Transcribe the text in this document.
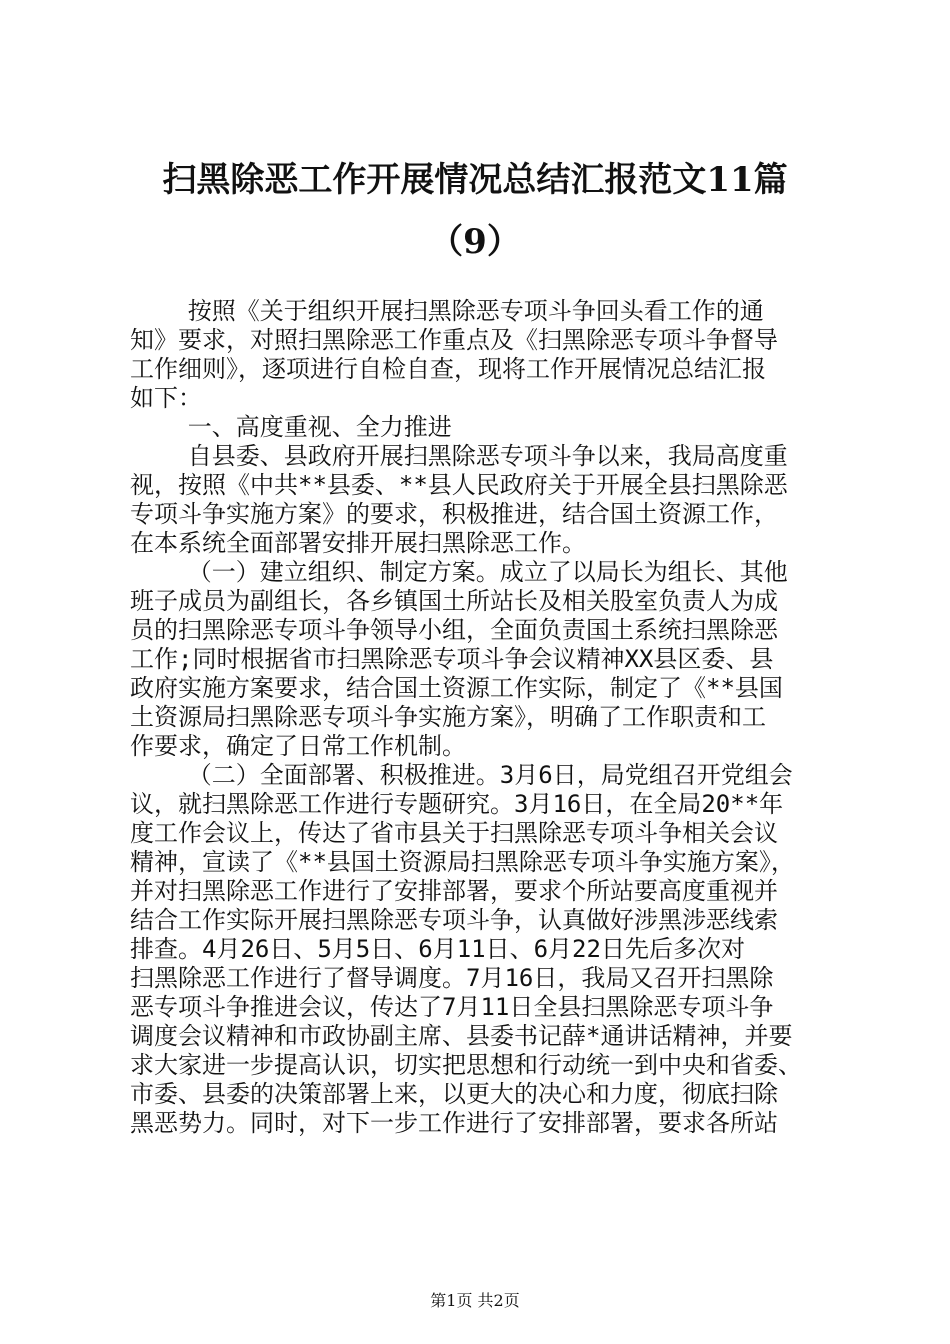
扫黑除恶工作开展情况总结汇报范文11篇
（9）
按照《关于组织开展扫黑除恶专项斗争回头看工作的通
知》要求，对照扫黑除恶工作重点及《扫黑除恶专项斗争督导
工作细则》，逐项进行自检自查，现将工作开展情况总结汇报
如下：
一、高度重视、全力推进
自县委、县政府开展扫黑除恶专项斗争以来，我局高度重
视，按照《中共**县委、**县人民政府关于开展全县扫黑除恶
专项斗争实施方案》的要求，积极推进，结合国土资源工作，
在本系统全面部署安排开展扫黑除恶工作。
（一）建立组织、制定方案。成立了以局长为组长、其他
班子成员为副组长，各乡镇国土所站长及相关股室负责人为成
员的扫黑除恶专项斗争领导小组，全面负责国土系统扫黑除恶
工作;同时根据省市扫黑除恶专项斗争会议精神XX县区委、县
政府实施方案要求，结合国土资源工作实际，制定了《**县国
土资源局扫黑除恶专项斗争实施方案》，明确了工作职责和工
作要求，确定了日常工作机制。
（二）全面部署、积极推进。3月6日，局党组召开党组会
议，就扫黑除恶工作进行专题研究。3月16日，在全局20**年
度工作会议上，传达了省市县关于扫黑除恶专项斗争相关会议
精神，宣读了《**县国土资源局扫黑除恶专项斗争实施方案》，
并对扫黑除恶工作进行了安排部署，要求个所站要高度重视并
结合工作实际开展扫黑除恶专项斗争，认真做好涉黑涉恶线索
排查。4月26日、5月5日、6月11日、6月22日先后多次对
扫黑除恶工作进行了督导调度。7月16日，我局又召开扫黑除
恶专项斗争推进会议，传达了7月11日全县扫黑除恶专项斗争
调度会议精神和市政协副主席、县委书记薛*通讲话精神，并要
求大家进一步提高认识，切实把思想和行动统一到中央和省委、
市委、县委的决策部署上来，以更大的决心和力度，彻底扫除
黑恶势力。同时，对下一步工作进行了安排部署，要求各所站
第1页 共2页
